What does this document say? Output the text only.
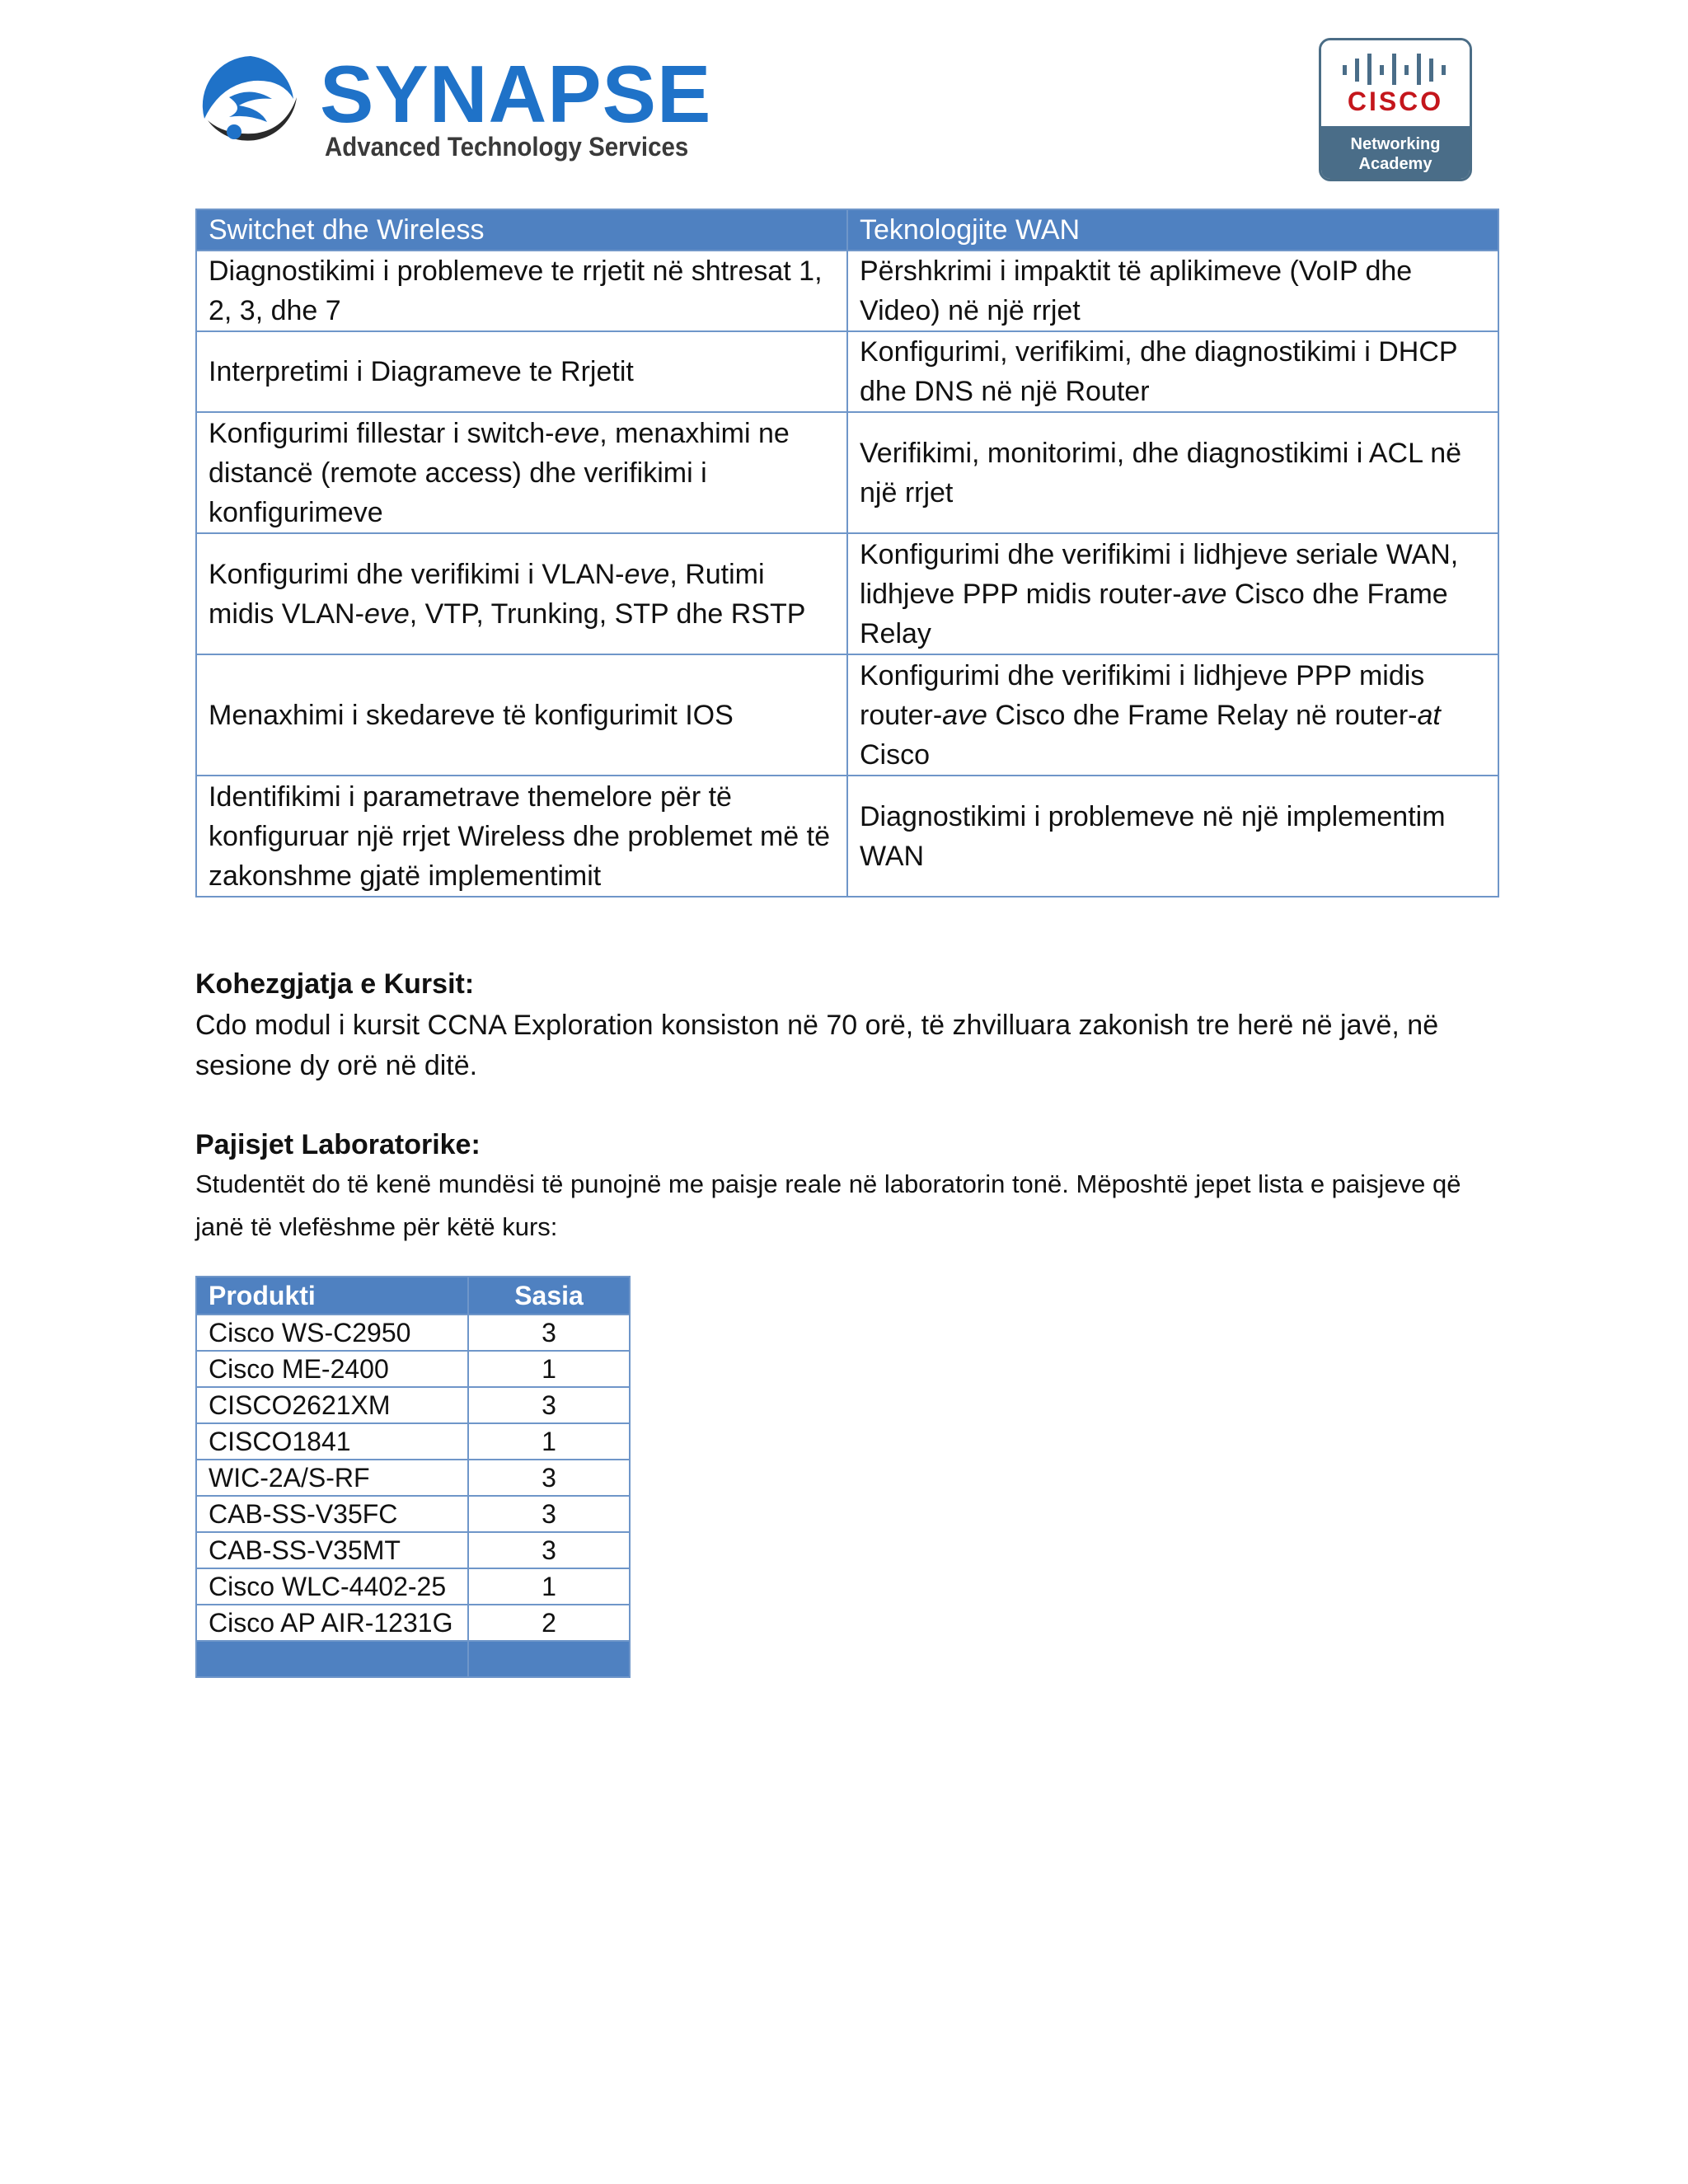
SYNAPSE
Advanced Technology Services
CISCO
Networking
Academy
Switchet dhe Wireless	Teknologjite WAN
Diagnostikimi i problemeve te rrjetit në shtresat 1, 2, 3, dhe 7	Përshkrimi i impaktit të aplikimeve (VoIP dhe Video) në një rrjet
Interpretimi i Diagrameve te Rrjetit	Konfigurimi, verifikimi, dhe diagnostikimi i DHCP dhe DNS në një Router
Konfigurimi fillestar i switch-eve, menaxhimi ne distancë (remote access) dhe verifikimi i konfigurimeve	Verifikimi, monitorimi, dhe diagnostikimi i ACL në një rrjet
Konfigurimi dhe verifikimi i VLAN-eve, Rutimi midis VLAN-eve, VTP, Trunking, STP dhe RSTP	Konfigurimi dhe verifikimi i lidhjeve seriale WAN, lidhjeve PPP midis router-ave Cisco dhe Frame Relay
Menaxhimi i skedareve të konfigurimit IOS	Konfigurimi dhe verifikimi i lidhjeve PPP midis router-ave Cisco dhe Frame Relay në router-at Cisco
Identifikimi i parametrave themelore për të konfiguruar një rrjet Wireless dhe problemet më të zakonshme gjatë implementimit	Diagnostikimi i problemeve në një implementim WAN
Kohezgjatja e Kursit:
Cdo modul i kursit CCNA Exploration konsiston në 70 orë, të zhvilluara zakonish tre herë në javë, në sesione dy orë në ditë.
Pajisjet Laboratorike:
Studentët do të kenë mundësi të punojnë me paisje reale në laboratorin tonë. Mëposhtë jepet lista e paisjeve që janë të vlefëshme për këtë kurs:
Produkti	Sasia
Cisco WS-C2950	3
Cisco ME-2400	1
CISCO2621XM	3
CISCO1841	1
WIC-2A/S-RF	3
CAB-SS-V35FC	3
CAB-SS-V35MT	3
Cisco WLC-4402-25	1
Cisco AP AIR-1231G	2
